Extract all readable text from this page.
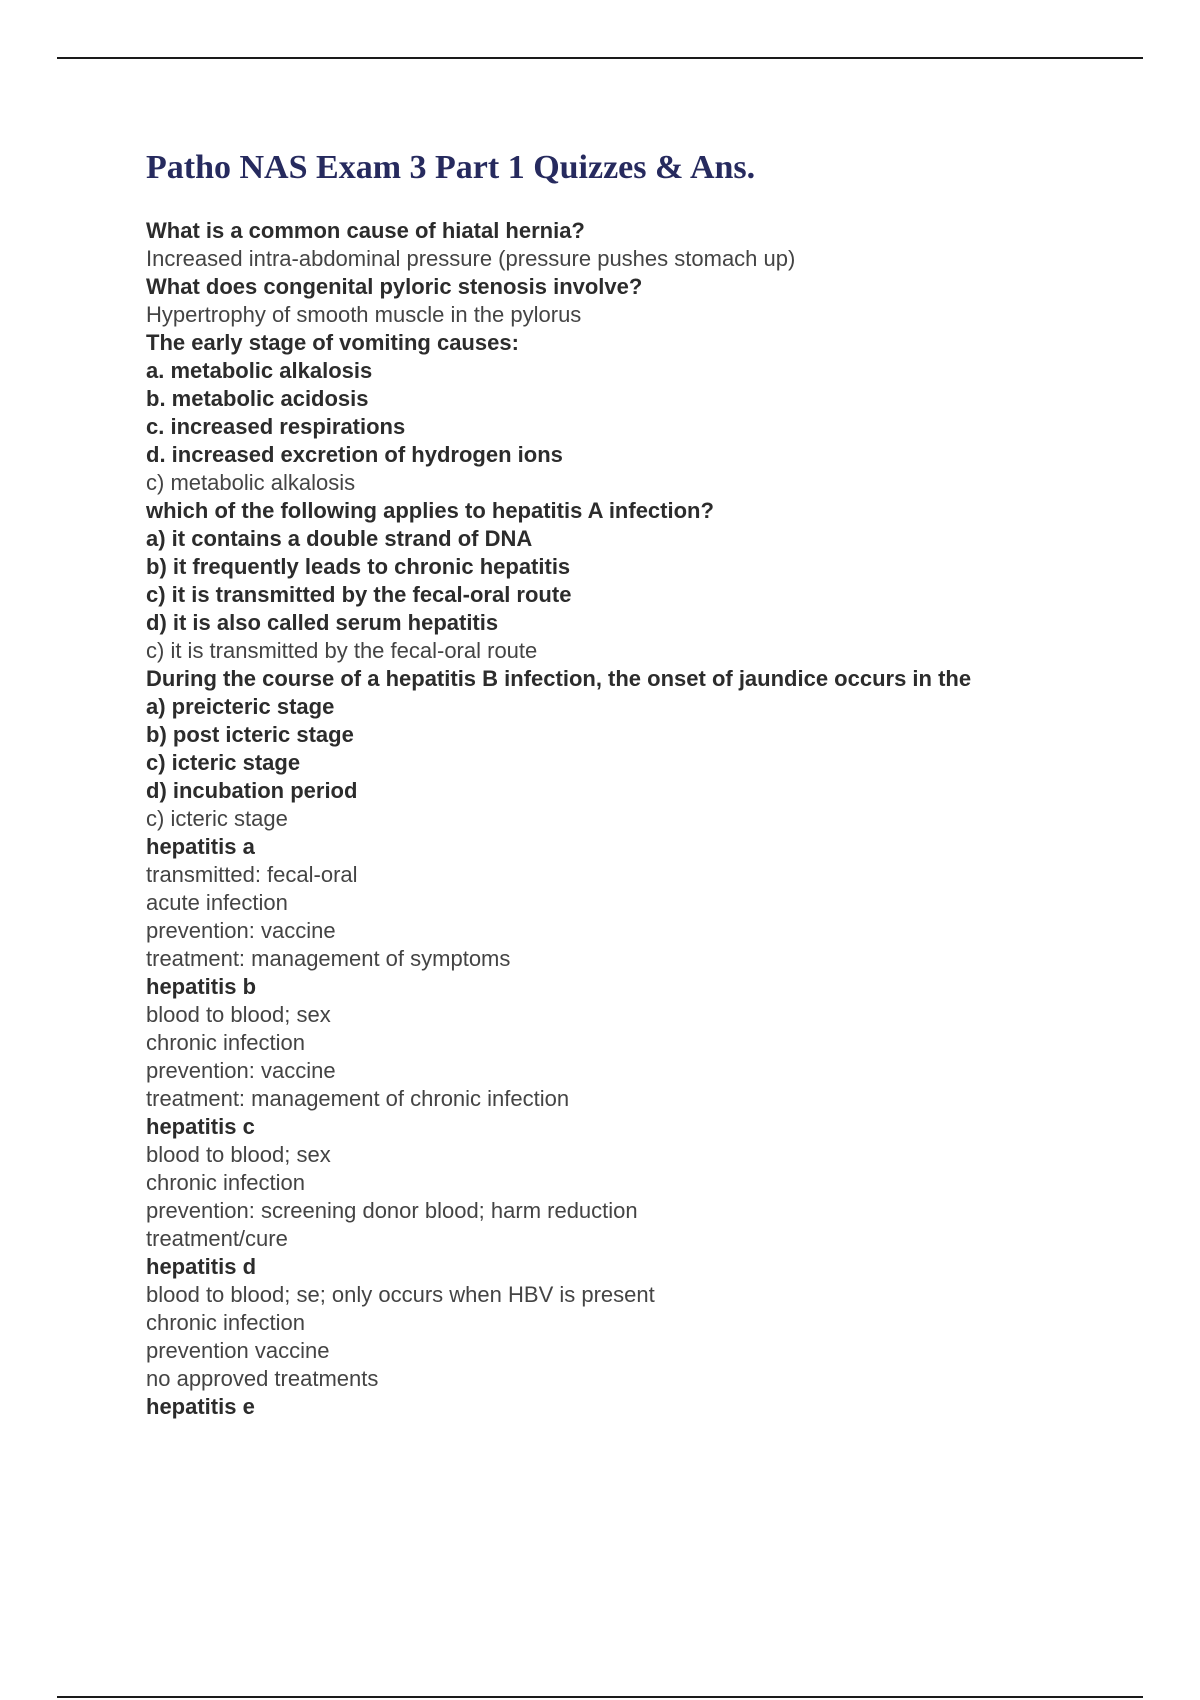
Patho NAS Exam 3 Part 1 Quizzes & Ans.
What is a common cause of hiatal hernia?
Increased intra-abdominal pressure (pressure pushes stomach up)
What does congenital pyloric stenosis involve?
Hypertrophy of smooth muscle in the pylorus
The early stage of vomiting causes:
a. metabolic alkalosis
b. metabolic acidosis
c. increased respirations
d. increased excretion of hydrogen ions
c) metabolic alkalosis
which of the following applies to hepatitis A infection?
a) it contains a double strand of DNA
b) it frequently leads to chronic hepatitis
c) it is transmitted by the fecal-oral route
d) it is also called serum hepatitis
c) it is transmitted by the fecal-oral route
During the course of a hepatitis B infection, the onset of jaundice occurs in the
a) preicteric stage
b) post icteric stage
c) icteric stage
d) incubation period
c) icteric stage
hepatitis a
transmitted: fecal-oral
acute infection
prevention: vaccine
treatment: management of symptoms
hepatitis b
blood to blood; sex
chronic infection
prevention: vaccine
treatment: management of chronic infection
hepatitis c
blood to blood; sex
chronic infection
prevention: screening donor blood; harm reduction
treatment/cure
hepatitis d
blood to blood; se; only occurs when HBV is present
chronic infection
prevention vaccine
no approved treatments
hepatitis e
